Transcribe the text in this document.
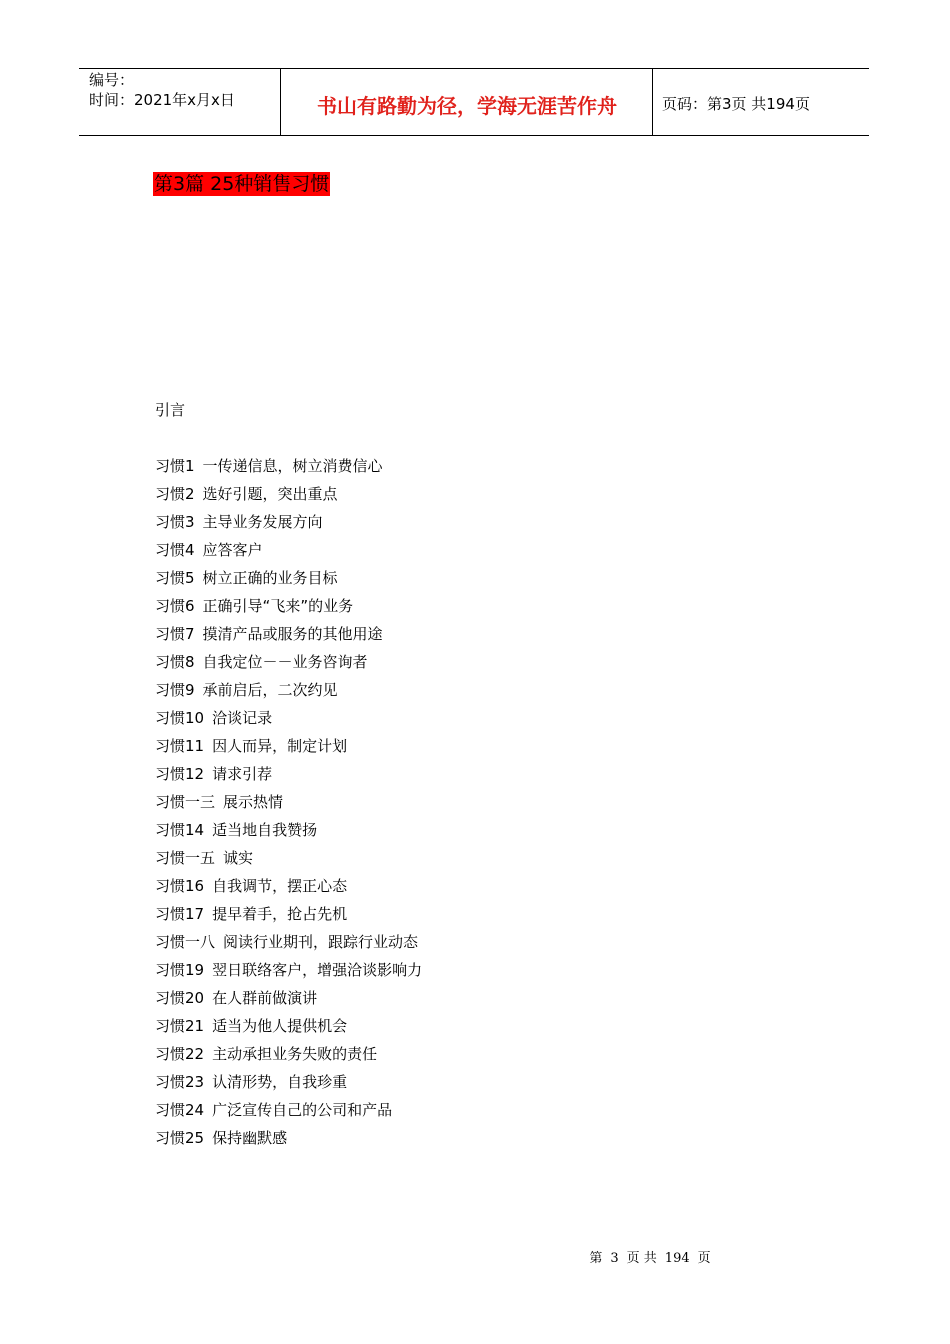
编号：
时间：2021年x月x日	书山有路勤为径，学海无涯苦作舟	页码：第3页 共194页
第3篇 25种销售习惯
引言
习惯1 一传递信息，树立消费信心
习惯2 选好引题，突出重点
习惯3 主导业务发展方向
习惯4 应答客户
习惯5 树立正确的业务目标
习惯6 正确引导“飞来”的业务
习惯7 摸清产品或服务的其他用途
习惯8 自我定位－－业务咨询者
习惯9 承前启后，二次约见
习惯10 洽谈记录
习惯11 因人而异，制定计划
习惯12 请求引荐
习惯一三 展示热情
习惯14 适当地自我赞扬
习惯一五 诚实
习惯16 自我调节，摆正心态
习惯17 提早着手，抢占先机
习惯一八 阅读行业期刊，跟踪行业动态
习惯19 翌日联络客户，增强洽谈影响力
习惯20 在人群前做演讲
习惯21 适当为他人提供机会
习惯22 主动承担业务失败的责任
习惯23 认清形势，自我珍重
习惯24 广泛宣传自己的公司和产品
习惯25 保持幽默感
第 3 页 共 194 页
